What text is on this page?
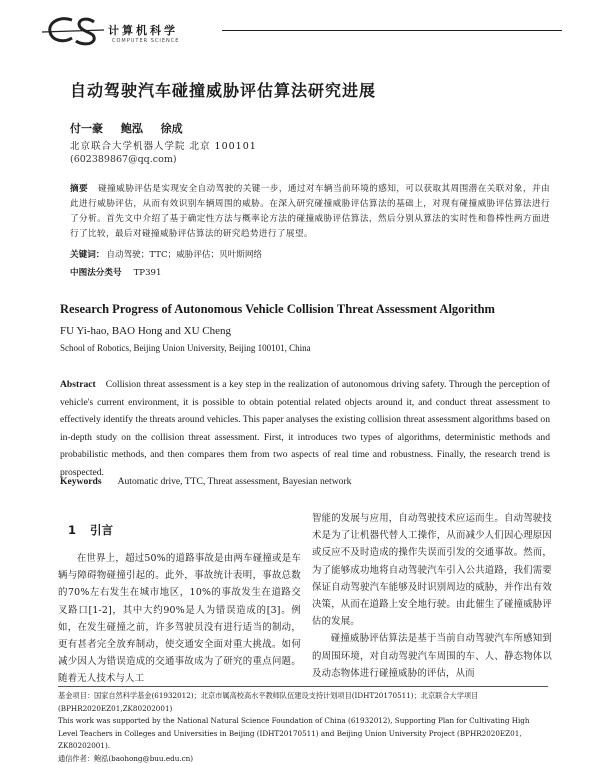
计算机科学
COMPUTER SCIENCE
自动驾驶汽车碰撞威胁评估算法研究进展
付一豪 鲍泓 徐成
北京联合大学机器人学院 北京 100101
(602389867@qq.com)
摘要 碰撞威胁评估是实现安全自动驾驶的关键一步，通过对车辆当前环境的感知，可以获取其周围潜在关联对象，并由此进行威胁评估，从而有效识别车辆周围的威胁。在深入研究碰撞威胁评估算法的基础上，对现有碰撞威胁评估算法进行了分析。首先文中介绍了基于确定性方法与概率论方法的碰撞威胁评估算法，然后分别从算法的实时性和鲁棒性两方面进行了比较，最后对碰撞威胁评估算法的研究趋势进行了展望。
关键词： 自动驾驶；TTC；威胁评估；贝叶斯网络
中图法分类号 TP391
Research Progress of Autonomous Vehicle Collision Threat Assessment Algorithm
FU Yi-hao, BAO Hong and XU Cheng
School of Robotics, Beijing Union University, Beijing 100101, China
Abstract Collision threat assessment is a key step in the realization of autonomous driving safety. Through the perception of vehicle's current environment, it is possible to obtain potential related objects around it, and conduct threat assessment to effectively identify the threats around vehicles. This paper analyses the existing collision threat assessment algorithms based on in-depth study on the collision threat assessment. First, it introduces two types of algorithms, deterministic methods and probabilistic methods, and then compares them from two aspects of real time and robustness. Finally, the research trend is prospected.
Keywords Automatic drive, TTC, Threat assessment, Bayesian network
1 引言

在世界上，超过50%的道路事故是由两车碰撞或是车辆与障碍物碰撞引起的。此外，事故统计表明，事故总数的70%左右发生在城市地区，10%的事故发生在道路交叉路口[1-2]，其中大约90%是人为错误造成的[3]。例如，在发生碰撞之前，许多驾驶员没有进行适当的制动，更有甚者完全放弃制动，使交通安全面对重大挑战。如何减少因人为错误造成的交通事故成为了研究的重点问题。随着无人技术与人工

智能的发展与应用，自动驾驶技术应运而生。自动驾驶技术是为了让机器代替人工操作，从而减少人们因心理原因或反应不及时造成的操作失误而引发的交通事故。然而，为了能够成功地将自动驾驶汽车引入公共道路，我们需要保证自动驾驶汽车能够及时识别周边的威胁，并作出有效决策，从而在道路上安全地行驶。由此催生了碰撞威胁评估的发展。

碰撞威胁评估算法是基于当前自动驾驶汽车所感知到的周围环境，对自动驾驶汽车周围的车、人、静态物体以及动态物体进行碰撞威胁的评估，从而

基金项目：国家自然科学基金(61932012)；北京市属高校高水平教师队伍建设支持计划项目(IDHT20170511)；北京联合大学项目(BPHR2020EZ01,ZK80202001)

This work was supported by the National Natural Science Foundation of China (61932012), Supporting Plan for Cultivating High Level Teachers in Colleges and Universities in Beijing (IDHT20170511) and Beijing Union University Project (BPHR2020EZ01, ZK80202001).

通信作者：鲍泓(baohong@buu.edu.cn)
